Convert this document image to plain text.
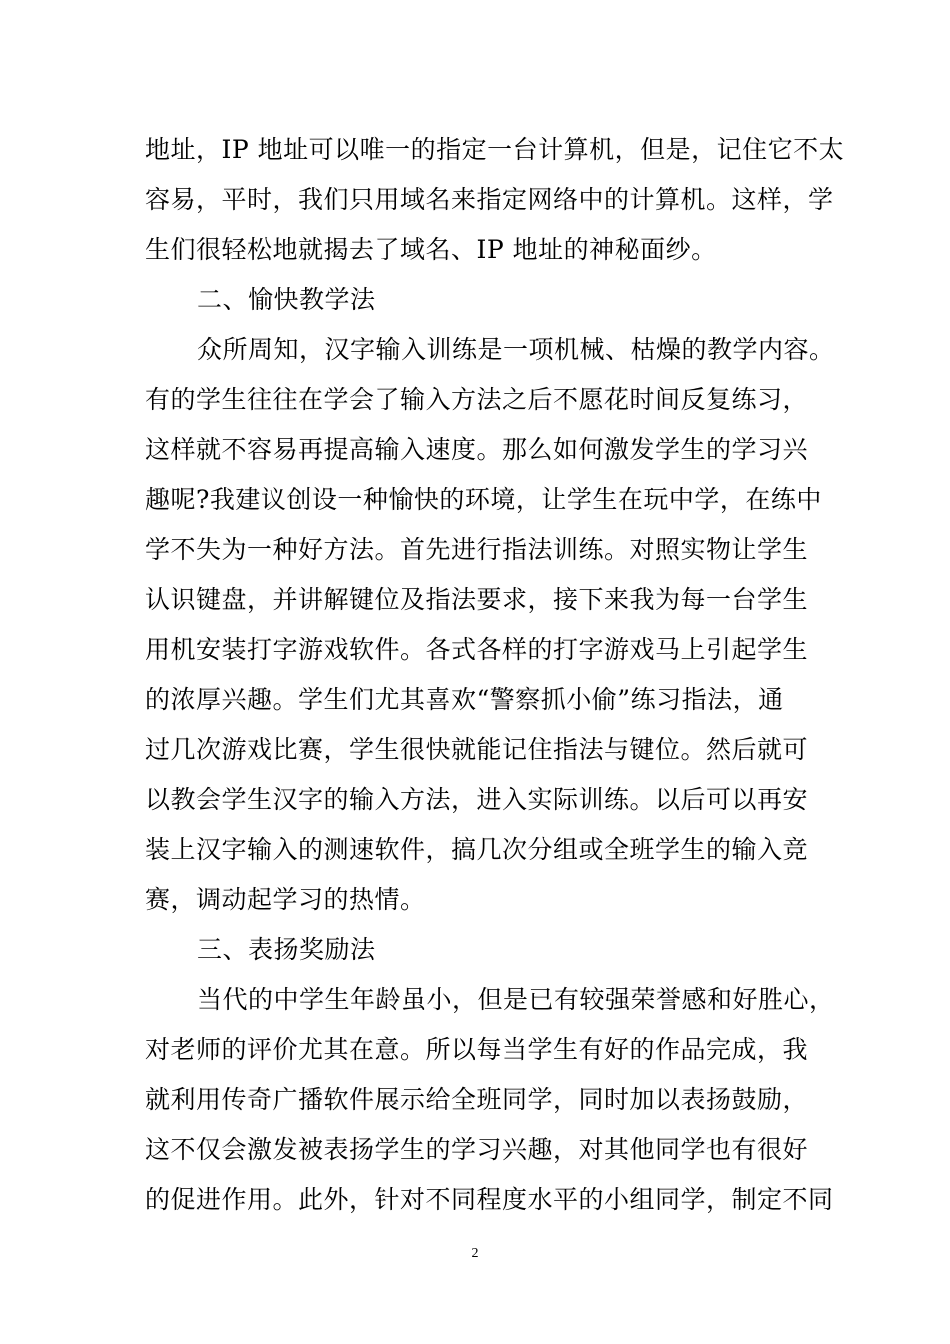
地址，IP 地址可以唯一的指定一台计算机，但是，记住它不太
容易，平时，我们只用域名来指定网络中的计算机。这样，学
生们很轻松地就揭去了域名、IP 地址的神秘面纱。
二、愉快教学法
众所周知，汉字输入训练是一项机械、枯燥的教学内容。
有的学生往往在学会了输入方法之后不愿花时间反复练习，
这样就不容易再提高输入速度。那么如何激发学生的学习兴
趣呢?我建议创设一种愉快的环境，让学生在玩中学，在练中
学不失为一种好方法。首先进行指法训练。对照实物让学生
认识键盘，并讲解键位及指法要求，接下来我为每一台学生
用机安装打字游戏软件。各式各样的打字游戏马上引起学生
的浓厚兴趣。学生们尤其喜欢“警察抓小偷”练习指法，通
过几次游戏比赛，学生很快就能记住指法与键位。然后就可
以教会学生汉字的输入方法，进入实际训练。以后可以再安
装上汉字输入的测速软件，搞几次分组或全班学生的输入竞
赛，调动起学习的热情。
三、表扬奖励法
当代的中学生年龄虽小，但是已有较强荣誉感和好胜心，
对老师的评价尤其在意。所以每当学生有好的作品完成，我
就利用传奇广播软件展示给全班同学，同时加以表扬鼓励，
这不仅会激发被表扬学生的学习兴趣，对其他同学也有很好
的促进作用。此外，针对不同程度水平的小组同学，制定不同
2
